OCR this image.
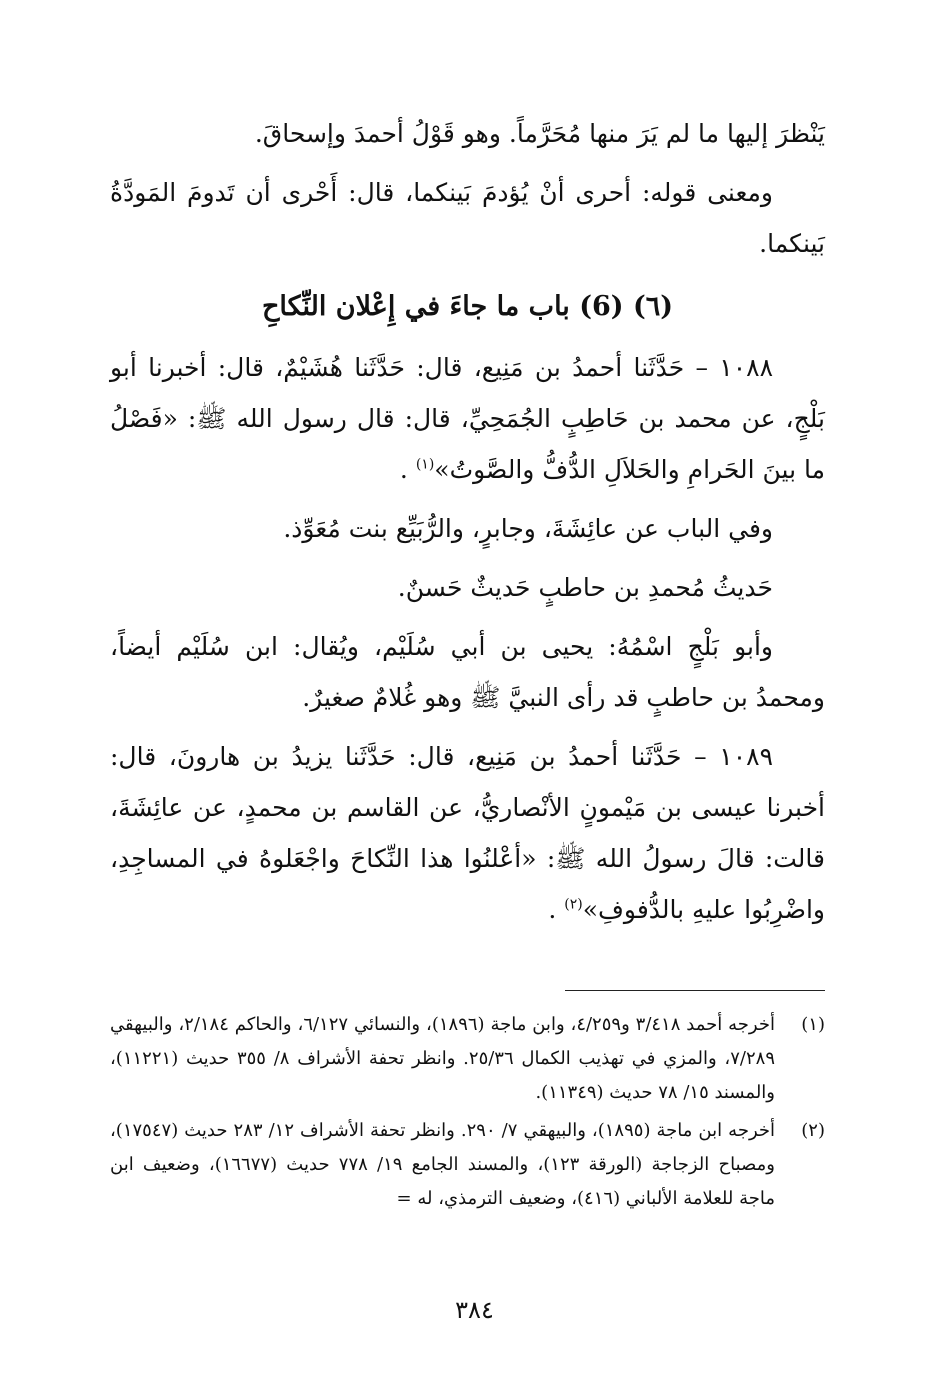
يَنْظرَ إليها ما لم يَرَ منها مُحَرَّماً. وهو قَوْلُ أحمدَ وإسحاقَ.

ومعنى قوله: أحرى أنْ يُؤدمَ بَينكما، قال: أَحْرى أن تَدومَ المَودَّةُ بَينكما.

(٦) (6) باب ما جاءَ في إِعْلان النِّكاحِ

١٠٨٨ – حَدَّثَنا أحمدُ بن مَنِيع، قال: حَدَّثَنا هُشَيْمٌ، قال: أخبرنا أبو بَلْجٍ، عن محمد بن حَاطِبٍ الجُمَحِيِّ، قال: قال رسول الله ﷺ: «فَصْلُ ما بينَ الحَرامِ والحَلاَلِ الدُّفُّ والصَّوتُ»$^{(١)}$ .

وفي الباب عن عائِشَةَ، وجابرٍ، والرُّبَيِّع بنت مُعَوِّذ.

حَديثُ مُحمدِ بن حاطبٍ حَديثٌ حَسنٌ.

وأبو بَلْجٍ اسْمُهُ: يحيى بن أبي سُلَيْم، ويُقال: ابن سُلَيْم أيضاً، ومحمدُ بن حاطبٍ قد رأى النبيَّ ﷺ وهو غُلامٌ صغيرٌ.

١٠٨٩ – حَدَّثَنا أحمدُ بن مَنِيع، قال: حَدَّثَنا يزيدُ بن هارونَ، قال: أخبرنا عيسى بن مَيْمونٍ الأنْصاريُّ، عن القاسم بن محمدٍ، عن عائِشَةَ، قالت: قالَ رسولُ الله ﷺ: «أعْلنُوا هذا النِّكاحَ واجْعَلوهُ في المساجِدِ، واضْرِبُوا عليهِ بالدُّفوفِ»$^{(٢)}$ .

(١)
أخرجه أحمد ٣/٤١٨ و٤/٢٥٩، وابن ماجة (١٨٩٦)، والنسائي ٦/١٢٧، والحاكم ٢/١٨٤، والبيهقي ٧/٢٨٩، والمزي في تهذيب الكمال ٢٥/٣٦. وانظر تحفة الأشراف ٨/ ٣٥٥ حديث (١١٢٢١)، والمسند ١٥/ ٧٨ حديث (١١٣٤٩).
(٢)
أخرجه ابن ماجة (١٨٩٥)، والبيهقي ٧/ ٢٩٠. وانظر تحفة الأشراف ١٢/ ٢٨٣ حديث (١٧٥٤٧)، ومصباح الزجاجة (الورقة ١٢٣)، والمسند الجامع ١٩/ ٧٧٨ حديث (١٦٦٧٧)، وضعيف ابن ماجة للعلامة الألباني (٤١٦)، وضعيف الترمذي، له =
٣٨٤
